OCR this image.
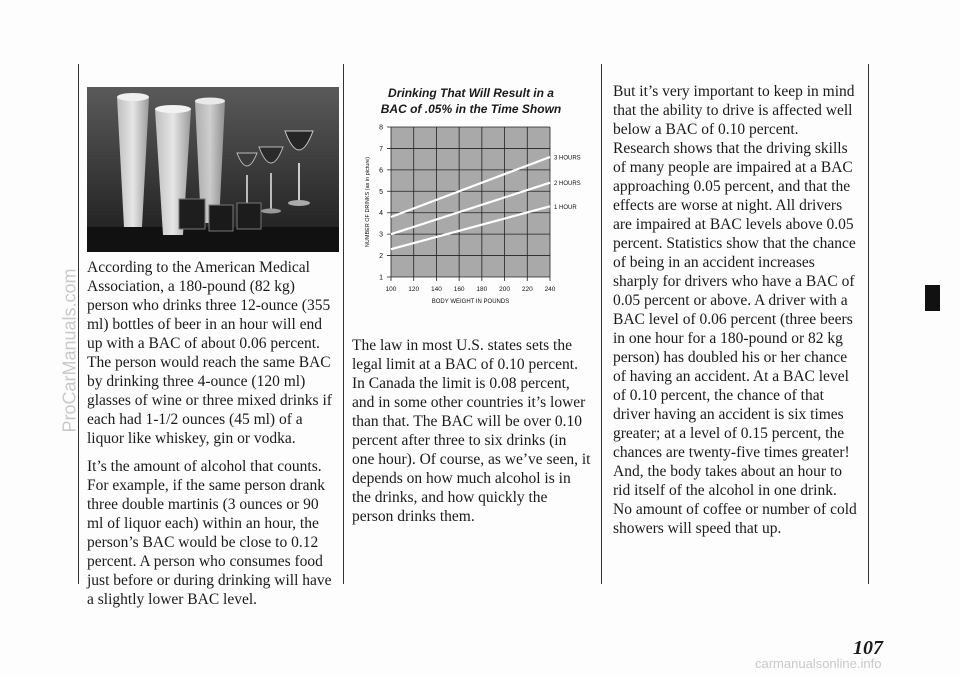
According to the American Medical Association, a 180-pound (82 kg) person who drinks three 12-ounce (355 ml) bottles of beer in an hour will end up with a BAC of about 0.06 percent. The person would reach the same BAC by drinking three 4-ounce (120 ml) glasses of wine or three mixed drinks if each had 1-1/2 ounces (45 ml) of a liquor like whiskey, gin or vodka.

It’s the amount of alcohol that counts. For example, if the same person drank three double martinis (3 ounces or 90 ml of liquor each) within an hour, the person’s BAC would be close to 0.12 percent. A person who consumes food just before or during drinking will have a slightly lower BAC level.

Drinking That Will Result in a
BAC of .05% in the Time Shown
100 120 140 160 180 200 220 240
1
2
3
4
5
6
7
8
3 HOURS
2 HOURS
1 HOUR
BODY WEIGHT IN POUNDS
NUMBER OF DRINKS (as in picture)

The law in most U.S. states sets the legal limit at a BAC of 0.10 percent. In Canada the limit is 0.08 percent, and in some other countries it’s lower than that. The BAC will be over 0.10 percent after three to six drinks (in one hour). Of course, as we’ve seen, it depends on how much alcohol is in the drinks, and how quickly the person drinks them.

But it’s very important to keep in mind that the ability to drive is affected well below a BAC of 0.10 percent. Research shows that the driving skills of many people are impaired at a BAC approaching 0.05 percent, and that the effects are worse at night. All drivers are impaired at BAC levels above 0.05 percent. Statistics show that the chance of being in an accident increases sharply for drivers who have a BAC of 0.05 percent or above. A driver with a BAC level of 0.06 percent (three beers in one hour for a 180-pound or 82 kg person) has doubled his or her chance of having an accident. At a BAC level of 0.10 percent, the chance of that driver having an accident is six times greater; at a level of 0.15 percent, the chances are twenty-five times greater! And, the body takes about an hour to rid itself of the alcohol in one drink. No amount of coffee or number of cold showers will speed that up.

107
ProCarManuals.com
carmanualsonline.info
